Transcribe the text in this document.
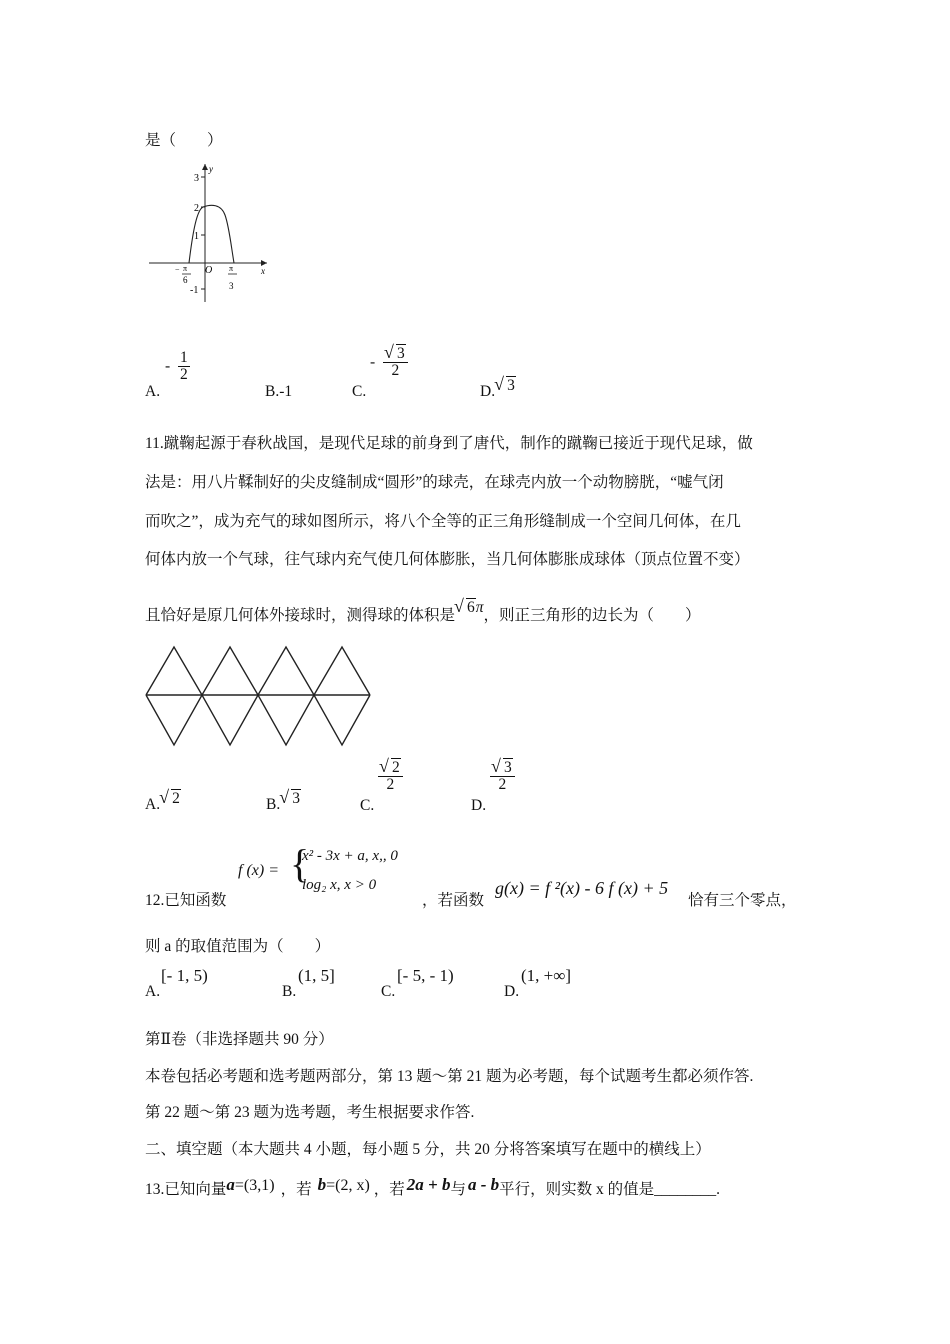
是（　　）
y
x
O
3
2
1
-1
− π
6
π
3
A.
- $\frac{1}{2}$
B.-1	C.
- √ $\frac{3}{2}$
D. √ 3
11.蹴鞠起源于春秋战国，是现代足球的前身到了唐代，制作的蹴鞠已接近于现代足球，做
法是：用八片鞣制好的尖皮缝制成“圆形”的球壳，在球壳内放一个动物膀胱，“嘘气闭
而吹之”，成为充气的球如图所示，将八个全等的正三角形缝制成一个空间几何体，在几
何体内放一个气球，往气球内充气使几何体膨胀，当几何体膨胀成球体（顶点位置不变）
且恰好是原几何体外接球时，测得球的体积是 √ 6π，则正三角形的边长为（　　）
A. √ 2	B. √ 3	C.
√ $\frac{2}{2}$
D.
√ $\frac{3}{2}$
12.已知函数
f (x) = {
x² - 3x + a, x,, 0
log₂ x, x > 0
，若函数
g(x) = f ²(x) - 6 f (x) + 5
恰有三个零点，
则 a 的取值范围为（　　）
A.
[- 1, 5)
B.
(1, 5]
C.
[- 5, - 1)
D.
(1, +∞]
第Ⅱ卷（非选择题共 90 分）
本卷包括必考题和选考题两部分，第 13 题～第 21 题为必考题，每个试题考生都必须作答.
第 22 题～第 23 题为选考题，考生根据要求作答.
二、填空题（本大题共 4 小题，每小题 5 分，共 20 分将答案填写在题中的横线上）
13.已知向量a=(3,1) ，若 b=(2, x) ，若 2a + b与 a - b平行，则实数 x 的值是________.
